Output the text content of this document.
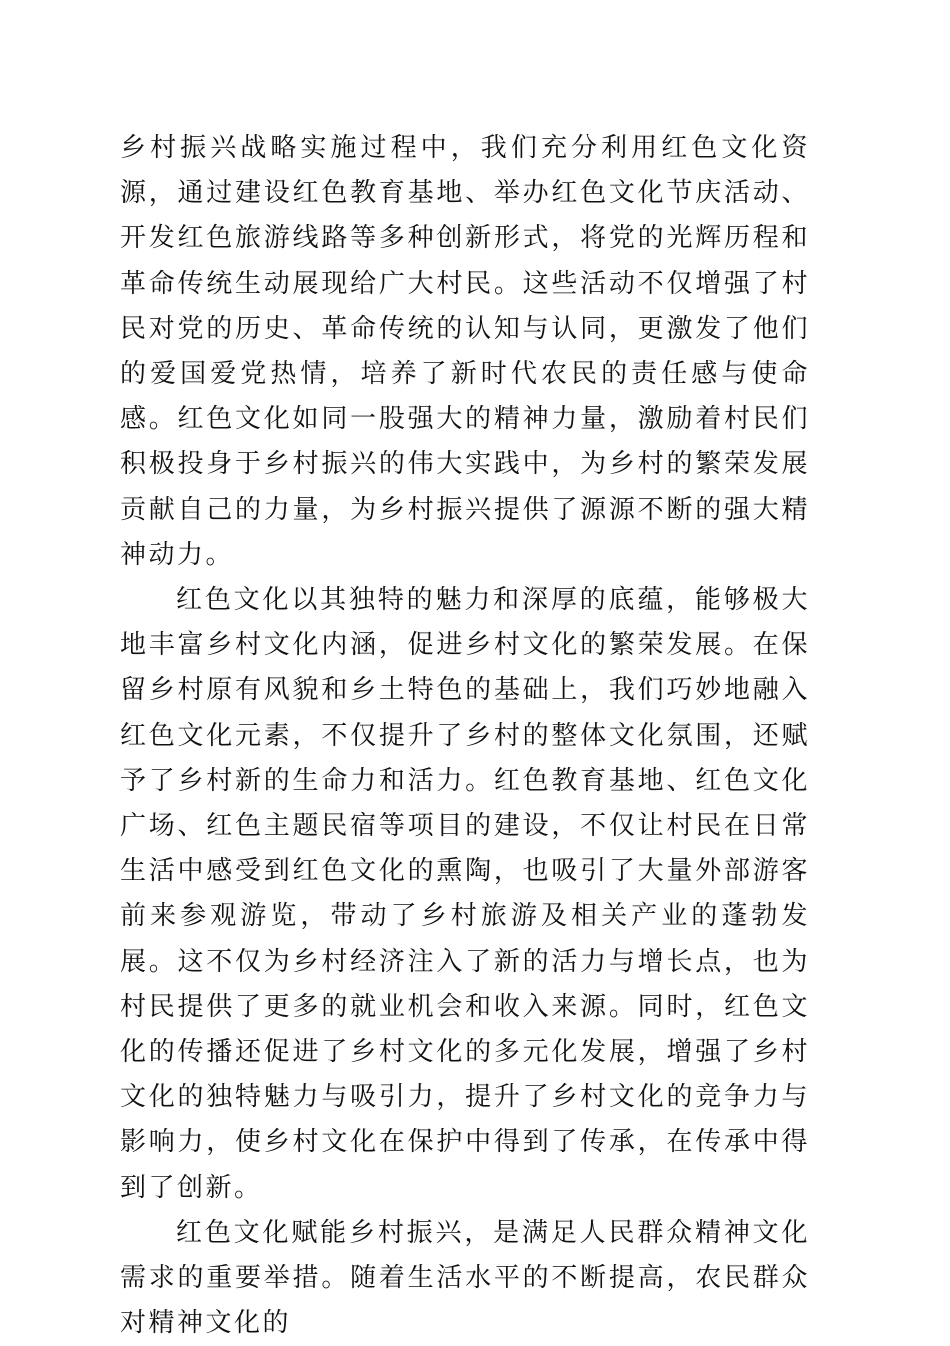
乡村振兴战略实施过程中，我们充分利用红色文化资源，通过建设红色教育基地、举办红色文化节庆活动、开发红色旅游线路等多种创新形式，将党的光辉历程和革命传统生动展现给广大村民。这些活动不仅增强了村民对党的历史、革命传统的认知与认同，更激发了他们的爱国爱党热情，培养了新时代农民的责任感与使命感。红色文化如同一股强大的精神力量，激励着村民们积极投身于乡村振兴的伟大实践中，为乡村的繁荣发展贡献自己的力量，为乡村振兴提供了源源不断的强大精神动力。

红色文化以其独特的魅力和深厚的底蕴，能够极大地丰富乡村文化内涵，促进乡村文化的繁荣发展。在保留乡村原有风貌和乡土特色的基础上，我们巧妙地融入红色文化元素，不仅提升了乡村的整体文化氛围，还赋予了乡村新的生命力和活力。红色教育基地、红色文化广场、红色主题民宿等项目的建设，不仅让村民在日常生活中感受到红色文化的熏陶，也吸引了大量外部游客前来参观游览，带动了乡村旅游及相关产业的蓬勃发展。这不仅为乡村经济注入了新的活力与增长点，也为村民提供了更多的就业机会和收入来源。同时，红色文化的传播还促进了乡村文化的多元化发展，增强了乡村文化的独特魅力与吸引力，提升了乡村文化的竞争力与影响力，使乡村文化在保护中得到了传承，在传承中得到了创新。

红色文化赋能乡村振兴，是满足人民群众精神文化需求的重要举措。随着生活水平的不断提高，农民群众对精神文化的
